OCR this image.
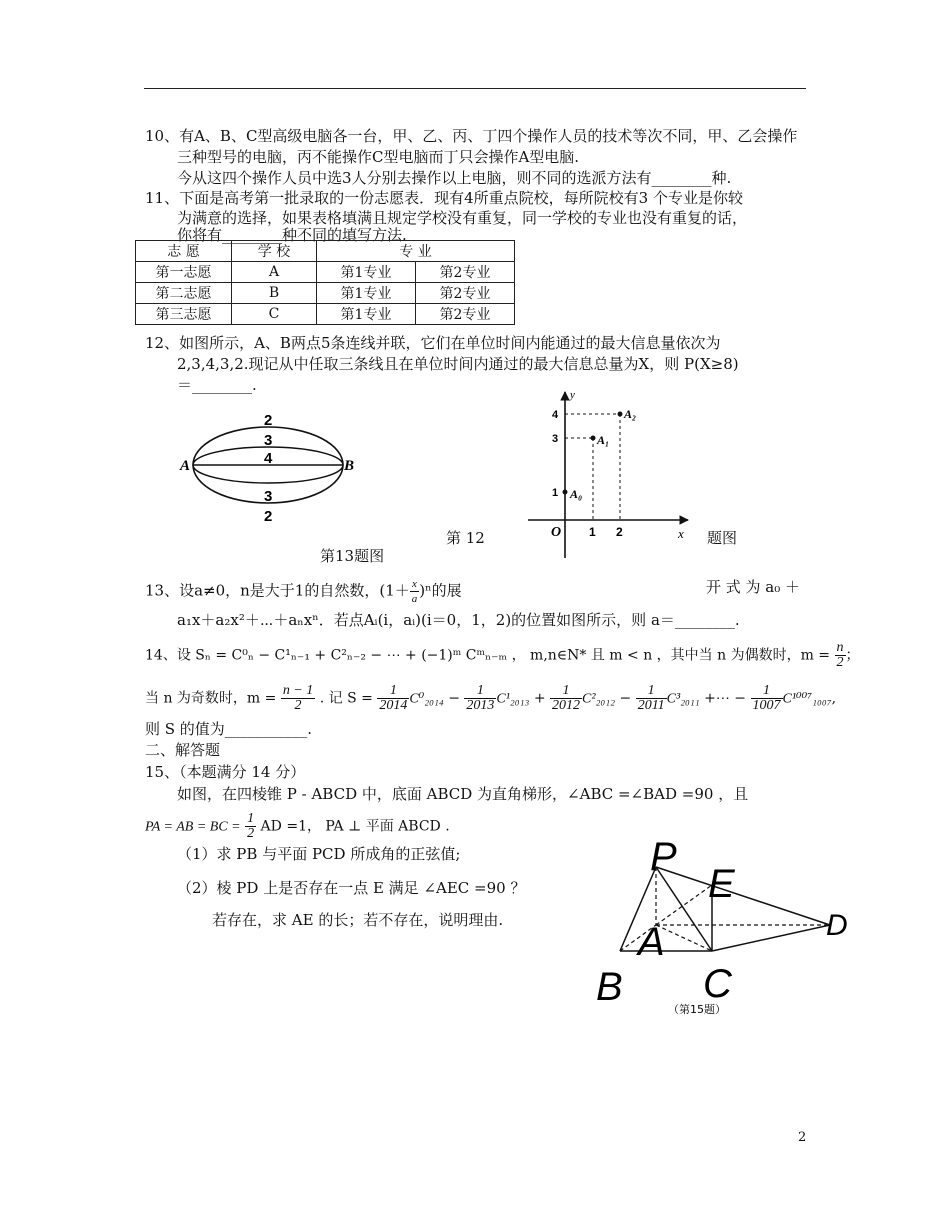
10、有A、B、C型高级电脑各一台，甲、乙、丙、丁四个操作人员的技术等次不同，甲、乙会操作
三种型号的电脑，丙不能操作C型电脑而丁只会操作A型电脑.
今从这四个操作人员中选3人分别去操作以上电脑，则不同的选派方法有________种.
11、下面是高考第一批录取的一份志愿表．现有4所重点院校，每所院校有3 个专业是你较
为满意的选择，如果表格填满且规定学校没有重复，同一学校的专业也没有重复的话，
你将有________种不同的填写方法.
志 愿	学 校	专 业	
第一志愿	A	第1专业	第2专业
第二志愿	B	第1专业	第2专业
第三志愿	C	第1专业	第2专业
12、如图所示，A、B两点5条连线并联，它们在单位时间内能通过的最大信息量依次为
2,3,4,3,2.现记从中任取三条线且在单位时间内通过的最大信息总量为X，则 P(X≥8)
＝________.
A	B
2
3
4
3
2
第 12	题图
第13题图
y
x
O
4
3
1
1 2
A₀
A₁
A₂
13、设a≠0，n是大于1的自然数，$(1+ \frac{x}{a} )^n$的展	开 式 为 a₀ ＋
a₁x＋a₂x²＋⋯＋aₙxⁿ．若点Aᵢ(i，aᵢ)(i＝0，1，2)的位置如图所示，则 a＝________.
14、设 Sₙ = C⁰ₙ − C¹ₙ₋₁ + C²ₙ₋₂ − ⋯ + (−1)ᵐ Cᵐₙ₋ₘ ， m,n∈N* 且 m < n ，其中当 n 为偶数时，$m = \frac{n}{2}$ ；
当 n 为奇数时，$m = \frac{n - 1}{2}$ . 记 $S = \frac{1}{2014} C^0_{2014} - \frac{1}{2013} C^1_{2013} + \frac{1}{2012} C^2_{2012} - \frac{1}{2011} C^3_{2011}$ +⋯ − $\frac{1}{1007} C^{1007}_{1007}$,
则 S 的值为___________.
二、解答题
15、（本题满分 14 分）
如图，在四棱锥 P - ABCD 中，底面 ABCD 为直角梯形，∠ABC =∠BAD =90 ，且
PA = AB = BC = $\frac{1}{2}$ AD =1， PA ⊥ 平面 ABCD .
（1）求 PB 与平面 PCD 所成角的正弦值;
（2）棱 PD 上是否存在一点 E 满足 ∠AEC =90 ？
若存在，求 AE 的长；若不存在，说明理由.
P
E
A	D
B C
（第15题）
2
